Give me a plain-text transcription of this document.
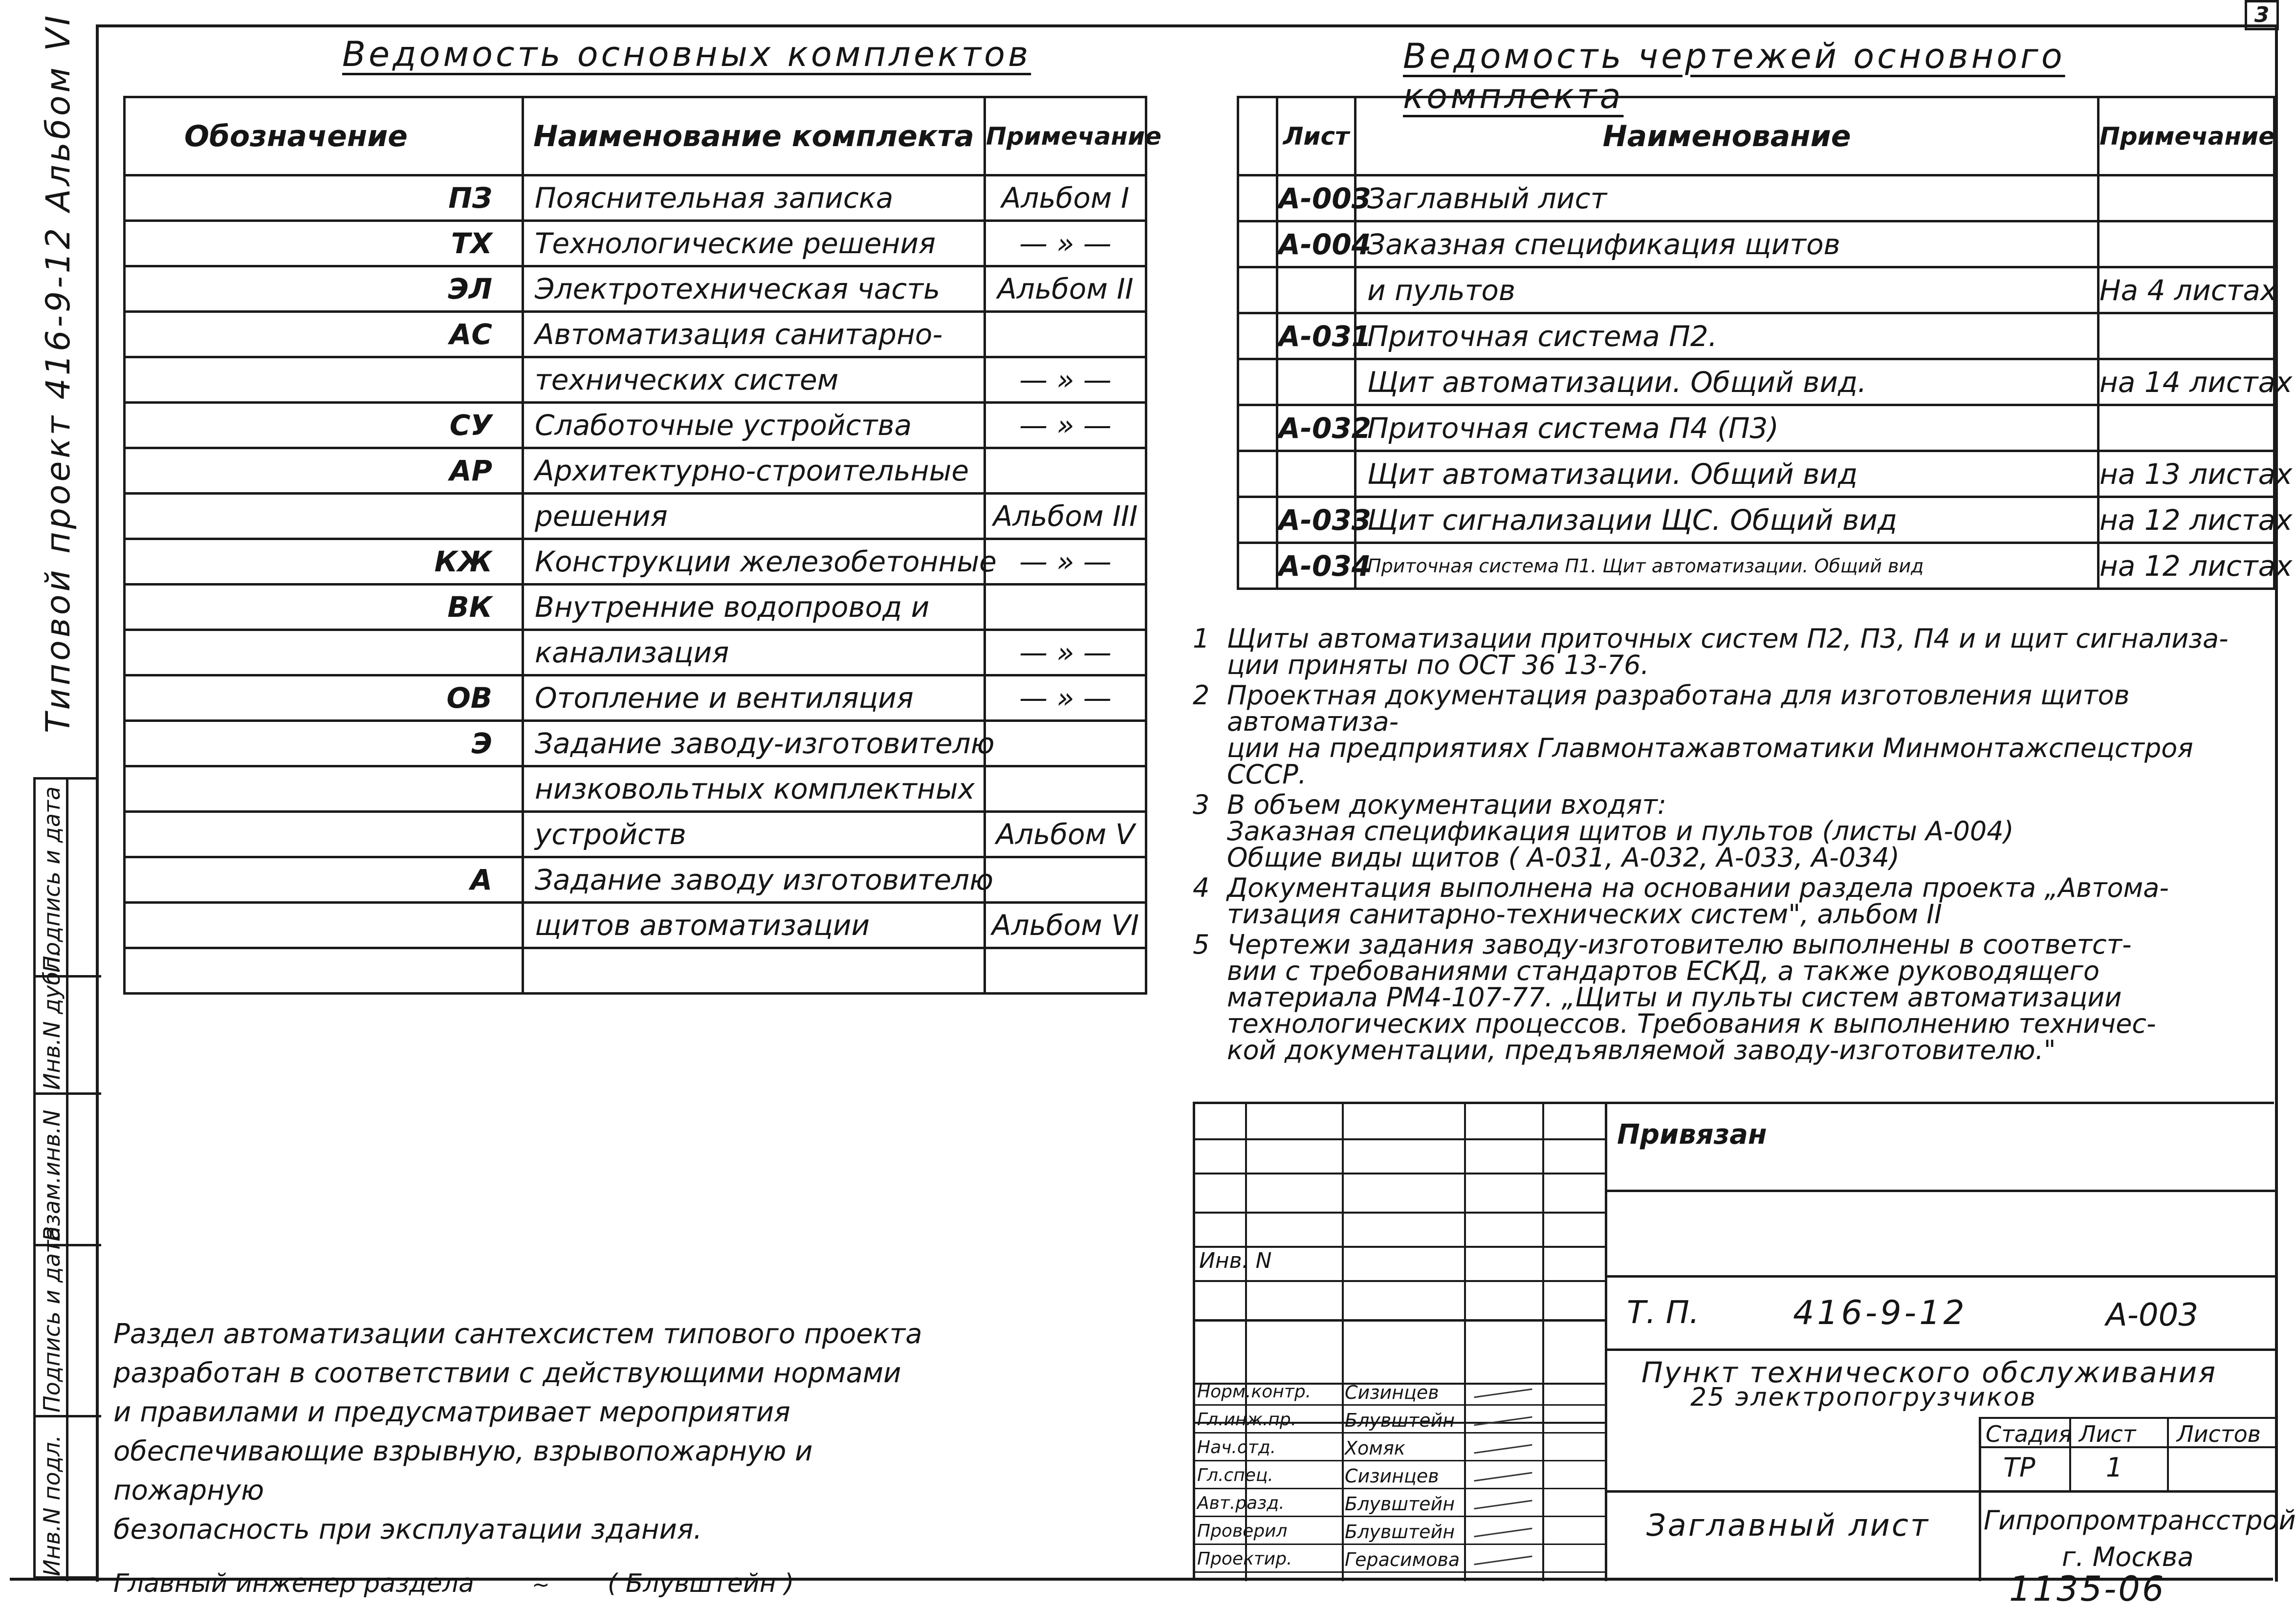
3
Типовой проект 416-9-12 Альбом VI
Подпись и дата
Инв.N дубл.
Взам.инв.N
Подпись и дата
Инв.N подл.
Ведомость основных комплектов
Обозначение	Наименование комплекта	Примечание
ПЗ	Пояснительная записка	Альбом I
ТХ	Технологические решения	— » —
ЭЛ	Электротехническая часть	Альбом II
АС	Автоматизация санитарно-	
	технических систем	— » —
СУ	Слаботочные устройства	— » —
АР	Архитектурно-строительные	
	решения	Альбом III
КЖ	Конструкции железобетонные	— » —
ВК	Внутренние водопровод и	
	канализация	— » —
ОВ	Отопление и вентиляция	— » —
Э	Задание заводу-изготовителю	
	низковольтных комплектных	
	устройств	Альбом V
А	Задание заводу изготовителю	
	щитов автоматизации	Альбом VI

Ведомость чертежей основного комплекта
	Лист	Наименование	Примечание
	А-003	Заглавный лист	
	А-004	Заказная спецификация щитов	
		и пультов	На 4 листах
	А-031	Приточная система П2.	
		Щит автоматизации. Общий вид.	на 14 листах
	А-032	Приточная система П4 (П3)	
		Щит автоматизации. Общий вид	на 13 листах
	А-033	Щит сигнализации ЩС. Общий вид	на 12 листах
	А-034	Приточная система П1. Щит автоматизации. Общий вид	на 12 листах
1 Щиты автоматизации приточных систем П2, П3, П4 и и щит сигнализа-
ции приняты по ОСТ 36 13-76.
2 Проектная документация разработана для изготовления щитов автоматиза-
ции на предприятиях Главмонтажавтоматики Минмонтажспецстроя СССР.
3 В объем документации входят:
Заказная спецификация щитов и пультов (листы А-004)
Общие виды щитов ( А-031, А-032, А-033, А-034)
4 Документация выполнена на основании раздела проекта „Автома-
тизация санитарно-технических систем", альбом II
5 Чертежи задания заводу-изготовителю выполнены в соответст-
вии с требованиями стандартов ЕСКД, а также руководящего
материала РМ4-107-77. „Щиты и пульты систем автоматизации
технологических процессов. Требования к выполнению техничес-
кой документации, предъявляемой заводу-изготовителю."
Раздел автоматизации сантехсистем типового проекта
разработан в соответствии с действующими нормами
и правилами и предусматривает мероприятия
обеспечивающие взрывную, взрывопожарную и пожарную
безопасность при эксплуатации здания.
Главный инженер раздела	~ ( Блувштейн )
Инв. N
Норм.контр. Сизинцев
Гл.инж.пр.	Блувштейн
Нач.отд.	Хомяк
Гл.спец.	Сизинцев
Авт.разд.	Блувштейн
Проверил	Блувштейн
Проектир.	Герасимова
Привязан
Т. П.	416-9-12	А-003
Пункт технического обслуживания
25 электропогрузчиков
Стадия Лист Листов
ТР	1
Гипропромтрансстрой
г. Москва
Заглавный лист
1135-06
